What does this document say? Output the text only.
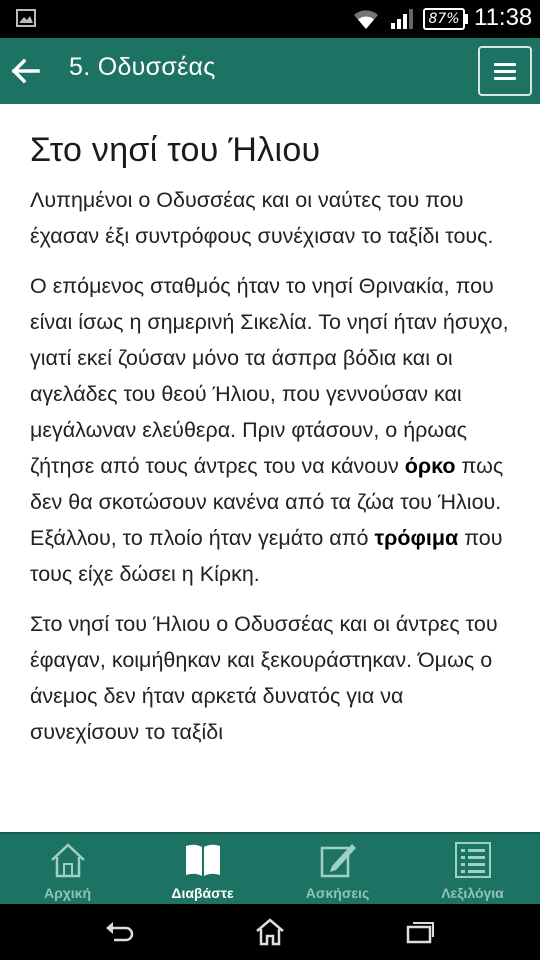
87% 11:38
5. Οδυσσέας
Στο νησί του Ήλιου

Λυπημένοι ο Οδυσσέας και οι ναύτες του που έχασαν έξι συντρόφους συνέχισαν το ταξίδι τους.

Ο επόμενος σταθμός ήταν το νησί Θρινακία, που είναι ίσως η σημερινή Σικελία. Το νησί ήταν ήσυχο, γιατί εκεί ζούσαν μόνο τα άσπρα βόδια και οι αγελάδες του θεού Ήλιου, που γεννούσαν και μεγάλωναν ελεύθερα. Πριν φτάσουν, ο ήρωας ζήτησε από τους άντρες του να κάνουν όρκο πως δεν θα σκοτώσουν κανένα από τα ζώα του Ήλιου. Εξάλλου, το πλοίο ήταν γεμάτο από τρόφιμα που τους είχε δώσει η Κίρκη.

Στο νησί του Ήλιου ο Οδυσσέας και οι άντρες του έφαγαν, κοιμήθηκαν και ξεκουράστηκαν. Όμως ο άνεμος δεν ήταν αρκετά δυνατός για να συνεχίσουν το ταξίδι

Αρχική	Διαβάστε	Ασκήσεις	Λεξιλόγια
